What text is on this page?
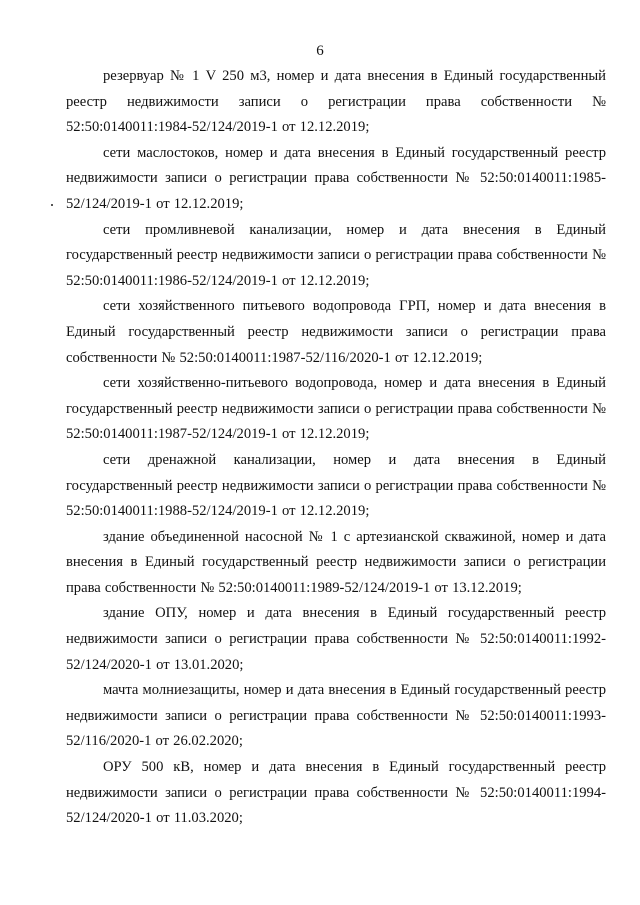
6

резервуар № 1 V 250 м3, номер и дата внесения в Единый государственный реестр недвижимости записи о регистрации права собственности № 52:50:0140011:1984-52/124/2019-1 от 12.12.2019;

сети маслостоков, номер и дата внесения в Единый государственный реестр недвижимости записи о регистрации права собственности № 52:50:0140011:1985-52/124/2019-1 от 12.12.2019;

сети промливневой канализации, номер и дата внесения в Единый государственный реестр недвижимости записи о регистрации права собственности № 52:50:0140011:1986-52/124/2019-1 от 12.12.2019;

сети хозяйственного питьевого водопровода ГРП, номер и дата внесения в Единый государственный реестр недвижимости записи о регистрации права собственности № 52:50:0140011:1987-52/116/2020-1 от 12.12.2019;

сети хозяйственно-питьевого водопровода, номер и дата внесения в Единый государственный реестр недвижимости записи о регистрации права собственности № 52:50:0140011:1987-52/124/2019-1 от 12.12.2019;

сети дренажной канализации, номер и дата внесения в Единый государственный реестр недвижимости записи о регистрации права собственности № 52:50:0140011:1988-52/124/2019-1 от 12.12.2019;

здание объединенной насосной № 1 с артезианской скважиной, номер и дата внесения в Единый государственный реестр недвижимости записи о регистрации права собственности № 52:50:0140011:1989-52/124/2019-1 от 13.12.2019;

здание ОПУ, номер и дата внесения в Единый государственный реестр недвижимости записи о регистрации права собственности № 52:50:0140011:1992-52/124/2020-1 от 13.01.2020;

мачта молниезащиты, номер и дата внесения в Единый государственный реестр недвижимости записи о регистрации права собственности № 52:50:0140011:1993-52/116/2020-1 от 26.02.2020;

ОРУ 500 кВ, номер и дата внесения в Единый государственный реестр недвижимости записи о регистрации права собственности № 52:50:0140011:1994-52/124/2020-1 от 11.03.2020;
